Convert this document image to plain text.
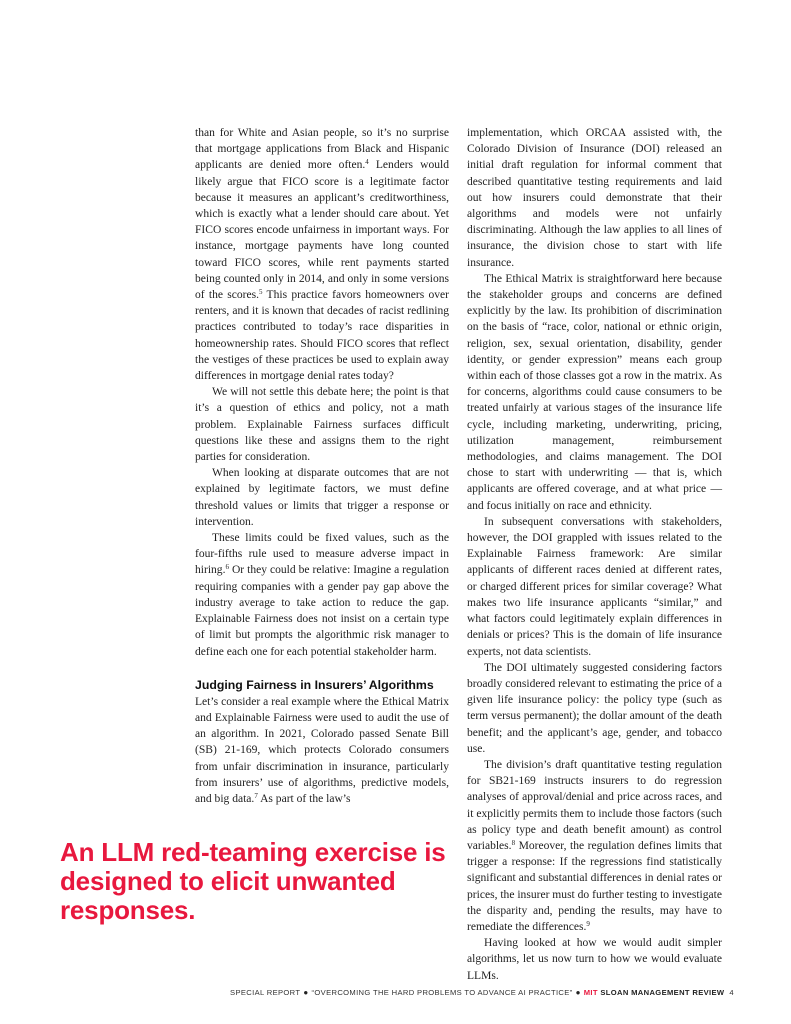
than for White and Asian people, so it’s no surprise that mortgage applications from Black and Hispanic applicants are denied more often.$^4$ Lenders would likely argue that FICO score is a legitimate factor because it measures an applicant’s creditworthiness, which is exactly what a lender should care about. Yet FICO scores encode unfairness in important ways. For instance, mortgage payments have long counted toward FICO scores, while rent payments started being counted only in 2014, and only in some versions of the scores.$^5$ This practice favors homeowners over renters, and it is known that decades of racist redlining practices contributed to today’s race disparities in homeownership rates. Should FICO scores that reflect the vestiges of these practices be used to explain away differences in mortgage denial rates today?

We will not settle this debate here; the point is that it’s a question of ethics and policy, not a math problem. Explainable Fairness surfaces difficult questions like these and assigns them to the right parties for consideration.

When looking at disparate outcomes that are not explained by legitimate factors, we must define threshold values or limits that trigger a response or intervention.

These limits could be fixed values, such as the four-fifths rule used to measure adverse impact in hiring.$^6$ Or they could be relative: Imagine a regulation requiring companies with a gender pay gap above the industry average to take action to reduce the gap. Explainable Fairness does not insist on a certain type of limit but prompts the algorithmic risk manager to define each one for each potential stakeholder harm.

Judging Fairness in Insurers’ Algorithms

Let’s consider a real example where the Ethical Matrix and Explainable Fairness were used to audit the use of an algorithm. In 2021, Colorado passed Senate Bill (SB) 21-169, which protects Colorado consumers from unfair discrimination in insurance, particularly from insurers’ use of algorithms, predictive models, and big data.$^7$ As part of the law’s

implementation, which ORCAA assisted with, the Colorado Division of Insurance (DOI) released an initial draft regulation for informal comment that described quantitative testing requirements and laid out how insurers could demonstrate that their algorithms and models were not unfairly discriminating. Although the law applies to all lines of insurance, the division chose to start with life insurance.

The Ethical Matrix is straightforward here because the stakeholder groups and concerns are defined explicitly by the law. Its prohibition of discrimination on the basis of “race, color, national or ethnic origin, religion, sex, sexual orientation, disability, gender identity, or gender expression” means each group within each of those classes got a row in the matrix. As for concerns, algorithms could cause consumers to be treated unfairly at various stages of the insurance life cycle, including marketing, underwriting, pricing, utilization management, reimbursement methodologies, and claims management. The DOI chose to start with underwriting — that is, which applicants are offered coverage, and at what price — and focus initially on race and ethnicity.

In subsequent conversations with stakeholders, however, the DOI grappled with issues related to the Explainable Fairness framework: Are similar applicants of different races denied at different rates, or charged different prices for similar coverage? What makes two life insurance applicants “similar,” and what factors could legitimately explain differences in denials or prices? This is the domain of life insurance experts, not data scientists.

The DOI ultimately suggested considering factors broadly considered relevant to estimating the price of a given life insurance policy: the policy type (such as term versus permanent); the dollar amount of the death benefit; and the applicant’s age, gender, and tobacco use.

The division’s draft quantitative testing regulation for SB21-169 instructs insurers to do regression analyses of approval/denial and price across races, and it explicitly permits them to include those factors (such as policy type and death benefit amount) as control variables.$^8$ Moreover, the regulation defines limits that trigger a response: If the regressions find statistically significant and substantial differences in denial rates or prices, the insurer must do further testing to investigate the disparity and, pending the results, may have to remediate the differences.$^9$

Having looked at how we would audit simpler algorithms, let us now turn to how we would evaluate LLMs.

An LLM red-teaming exercise is designed to elicit unwanted responses.
SPECIAL REPORT ● “OVERCOMING THE HARD PROBLEMS TO ADVANCE AI PRACTICE” ● MIT SLOAN MANAGEMENT REVIEW 4
